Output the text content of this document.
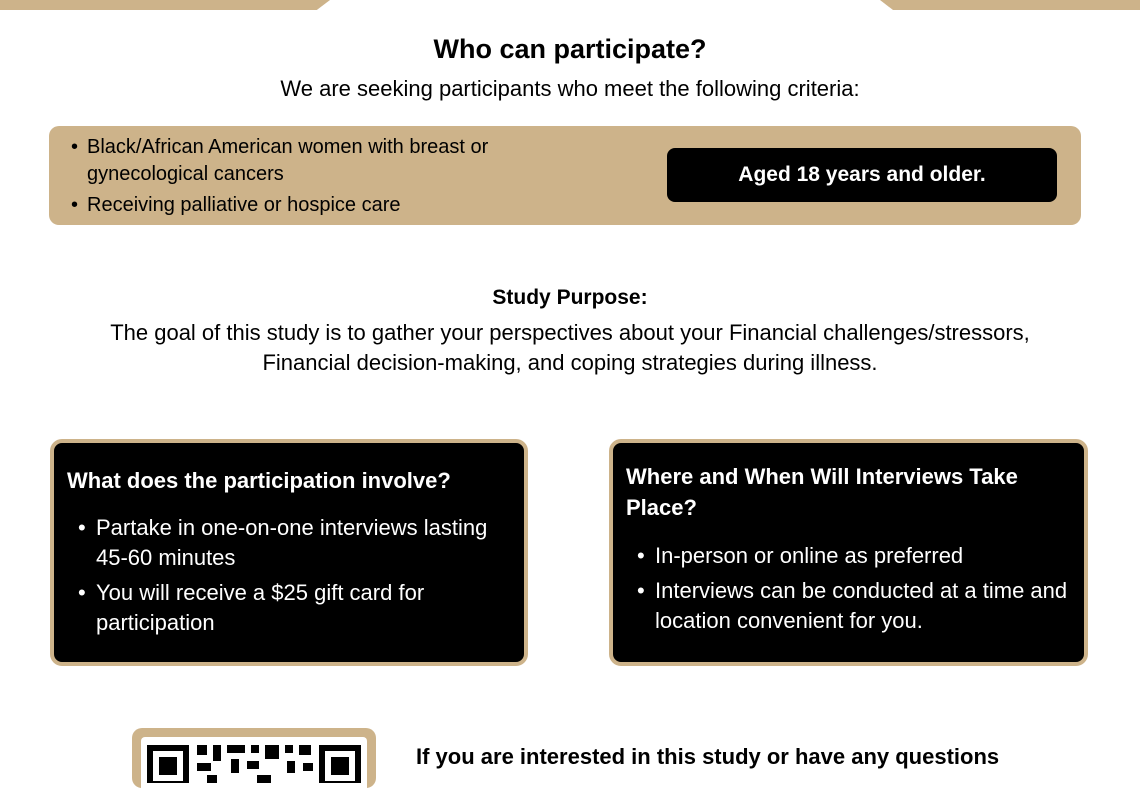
Who can participate?
We are seeking participants who meet the following criteria:
• Black/African American women with breast or gynecological cancers
• Receiving palliative or hospice care
Aged 18 years and older.
Study Purpose:
The goal of this study is to gather your perspectives about your Financial challenges/stressors, Financial decision-making, and coping strategies during illness.
What does the participation involve?
• Partake in one-on-one interviews lasting 45-60 minutes
• You will receive a $25 gift card for participation
Where and When Will Interviews Take Place?
• In-person or online as preferred
• Interviews can be conducted at a time and location convenient for you.
If you are interested in this study or have any questions
